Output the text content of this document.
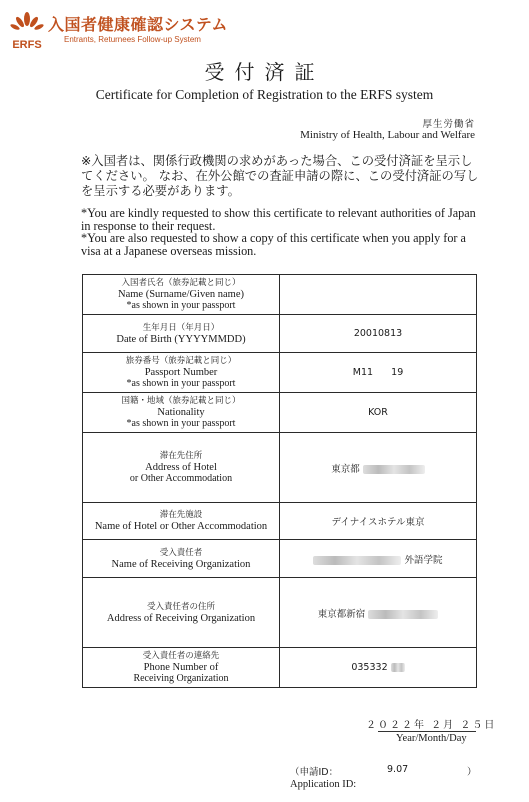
ERFS
入国者健康確認システム
Entrants, Returnees Follow-up System
受付済証
Certificate for Completion of Registration to the ERFS system
厚生労働省
Ministry of Health, Labour and Welfare
※入国者は、関係行政機関の求めがあった場合、この受付済証を呈示してください。 なお、在外公館での査証申請の際に、この受付済証の写しを呈示する必要があります。
*You are kindly requested to show this certificate to relevant authorities of Japan in response to their request.
*You are also requested to show a copy of this certificate when you apply for a visa at a Japanese overseas mission.
入国者氏名（旅券記載と同じ）
Name (Surname/Given name)
*as shown in your passport	

生年月日（年月日）
Date of Birth (YYYYMMDD)	20010813

旅券番号（旅券記載と同じ）
Passport Number
*as shown in your passport	M11      19

国籍・地域（旅券記載と同じ）
Nationality
*as shown in your passport	KOR

滞在先住所
Address of Hotel
or Other Accommodation	東京都

滞在先施設
Name of Hotel or Other Accommodation	デイナイスホテル東京

受入責任者
Name of Receiving Organization	外語学院

受入責任者の住所
Address of Receiving Organization	東京都新宿

受入責任者の連絡先
Phone Number of
Receiving Organization	035332
２０２２年 ２月 ２５日
Year/Month/Day
（申請ID：	9.07	）
Application ID:
